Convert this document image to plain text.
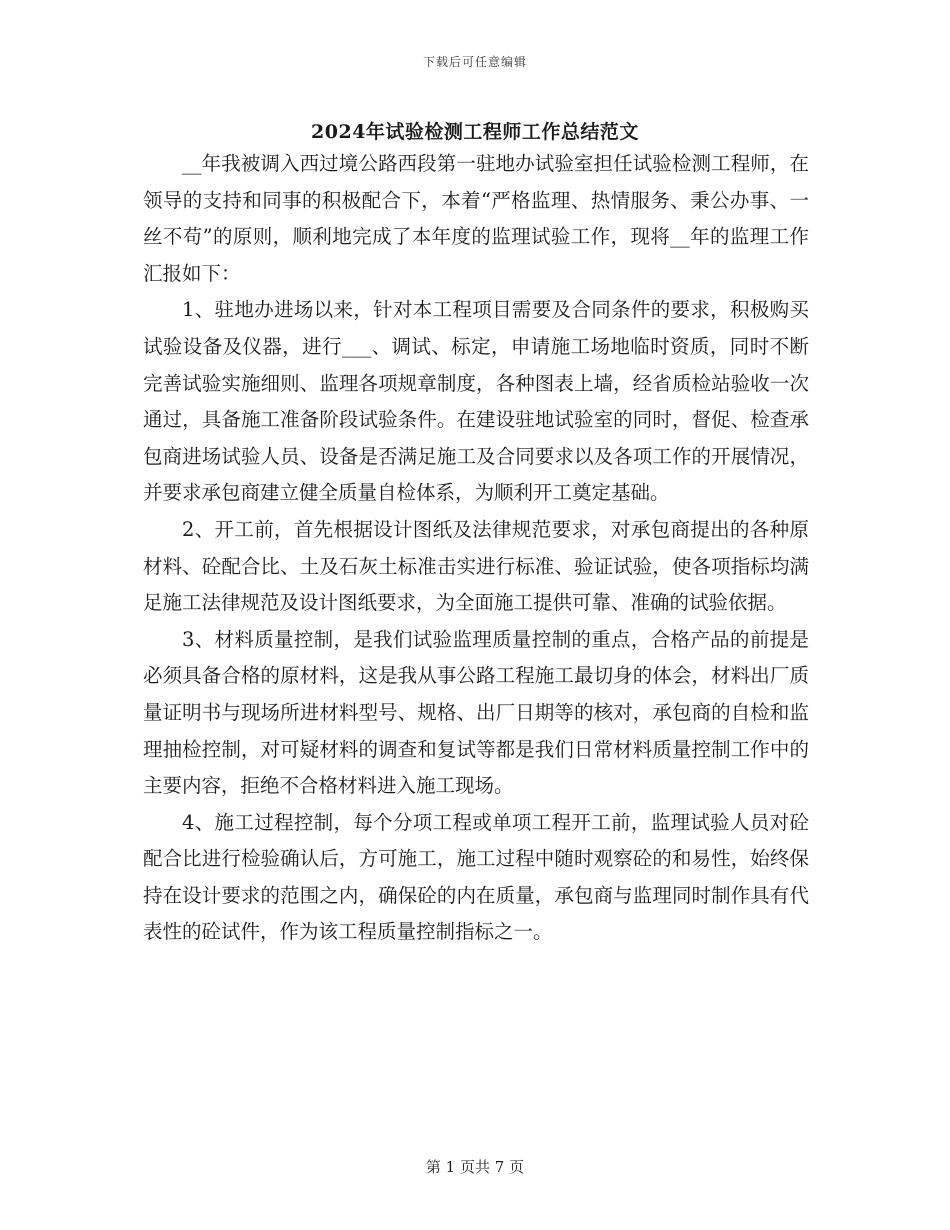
下载后可任意编辑
2024年试验检测工程师工作总结范文

__年我被调入西过境公路西段第一驻地办试验室担任试验检测工程师，在领导的支持和同事的积极配合下，本着“严格监理、热情服务、秉公办事、一丝不苟”的原则，顺利地完成了本年度的监理试验工作，现将__年的监理工作汇报如下：

1、驻地办进场以来，针对本工程项目需要及合同条件的要求，积极购买试验设备及仪器，进行___、调试、标定，申请施工场地临时资质，同时不断完善试验实施细则、监理各项规章制度，各种图表上墙，经省质检站验收一次通过，具备施工准备阶段试验条件。在建设驻地试验室的同时，督促、检查承包商进场试验人员、设备是否满足施工及合同要求以及各项工作的开展情况，并要求承包商建立健全质量自检体系，为顺利开工奠定基础。

2、开工前，首先根据设计图纸及法律规范要求，对承包商提出的各种原材料、砼配合比、土及石灰土标准击实进行标准、验证试验，使各项指标均满足施工法律规范及设计图纸要求，为全面施工提供可靠、准确的试验依据。

3、材料质量控制，是我们试验监理质量控制的重点，合格产品的前提是必须具备合格的原材料，这是我从事公路工程施工最切身的体会，材料出厂质量证明书与现场所进材料型号、规格、出厂日期等的核对，承包商的自检和监理抽检控制，对可疑材料的调查和复试等都是我们日常材料质量控制工作中的主要内容，拒绝不合格材料进入施工现场。

4、施工过程控制，每个分项工程或单项工程开工前，监理试验人员对砼配合比进行检验确认后，方可施工，施工过程中随时观察砼的和易性，始终保持在设计要求的范围之内，确保砼的内在质量，承包商与监理同时制作具有代表性的砼试件，作为该工程质量控制指标之一。

第 1 页共 7 页
